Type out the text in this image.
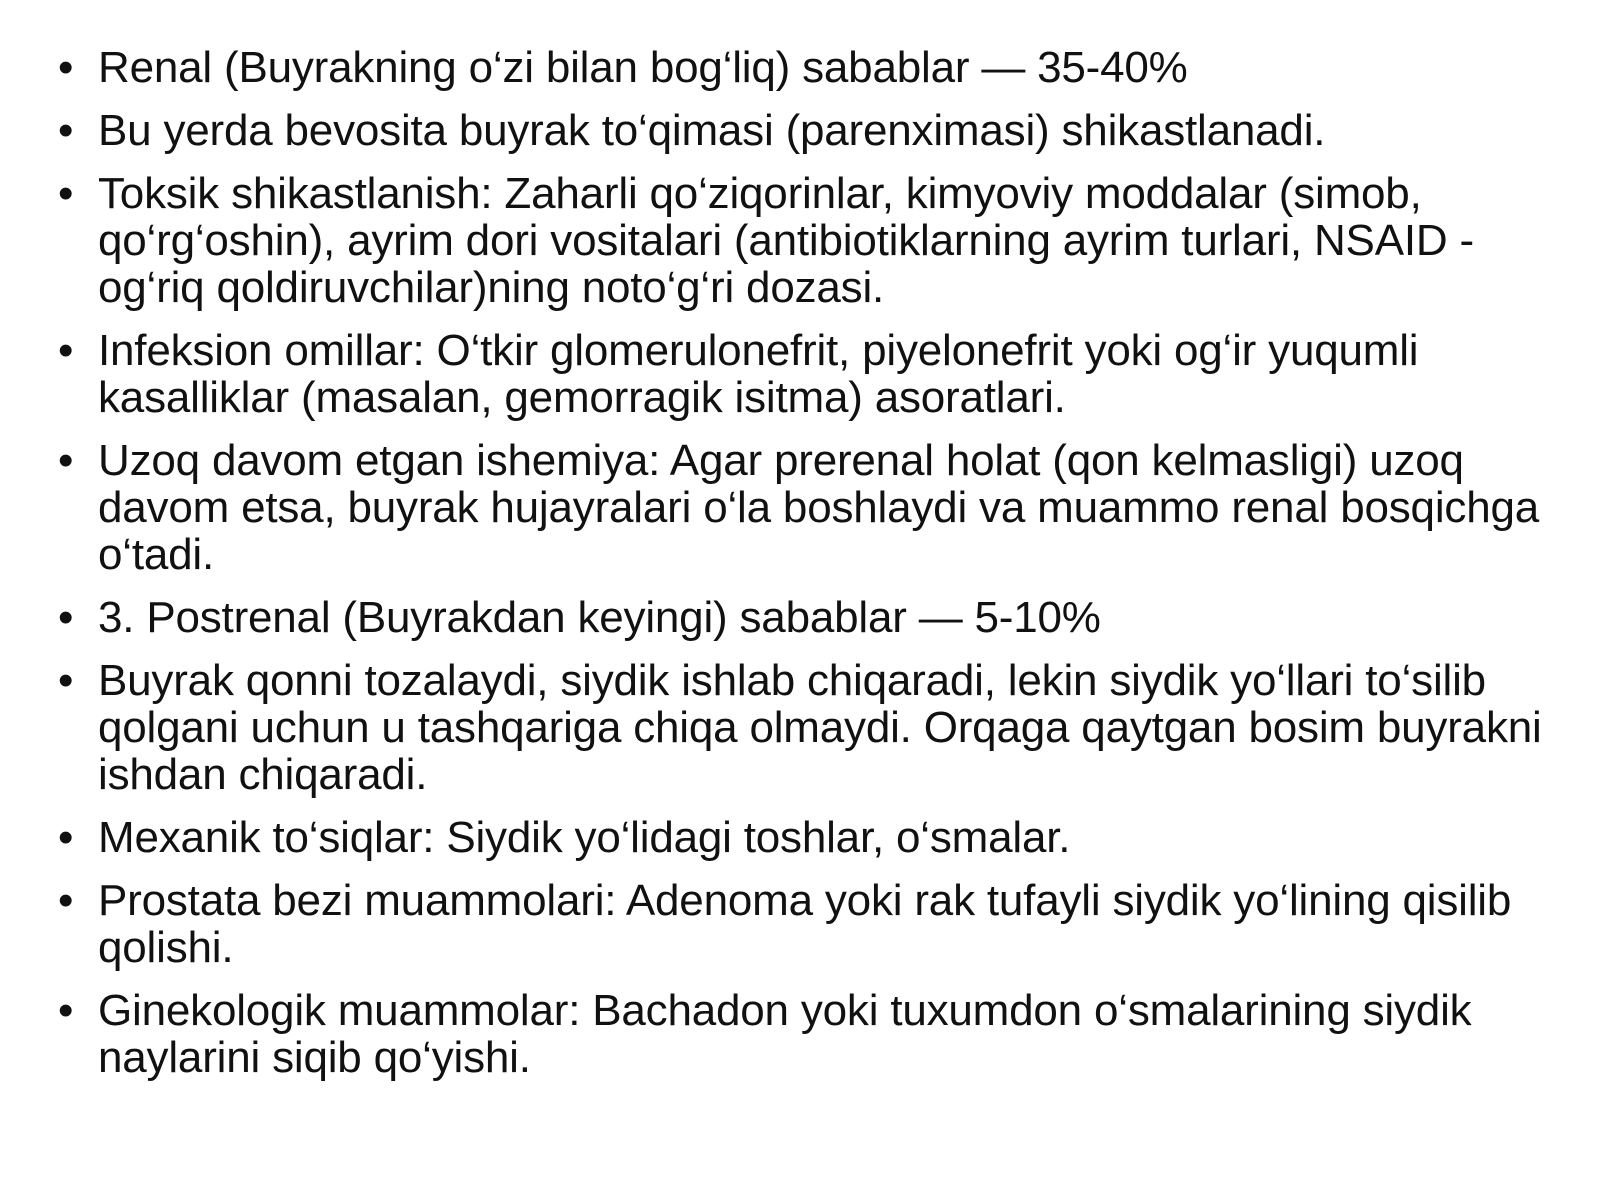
• Renal (Buyrakning o‘zi bilan bog‘liq) sabablar — 35-40%
• Bu yerda bevosita buyrak to‘qimasi (parenximasi) shikastlanadi.
• Toksik shikastlanish: Zaharli qo‘ziqorinlar, kimyoviy moddalar (simob, qo‘rg‘oshin), ayrim dori vositalari (antibiotiklarning ayrim turlari, NSAID - og‘riq qoldiruvchilar)ning noto‘g‘ri dozasi.
• Infeksion omillar: O‘tkir glomerulonefrit, piyelonefrit yoki og‘ir yuqumli kasalliklar (masalan, gemorragik isitma) asoratlari.
• Uzoq davom etgan ishemiya: Agar prerenal holat (qon kelmasligi) uzoq davom etsa, buyrak hujayralari o‘la boshlaydi va muammo renal bosqichga o‘tadi.
• 3. Postrenal (Buyrakdan keyingi) sabablar — 5-10%
• Buyrak qonni tozalaydi, siydik ishlab chiqaradi, lekin siydik yo‘llari to‘silib qolgani uchun u tashqariga chiqa olmaydi. Orqaga qaytgan bosim buyrakni ishdan chiqaradi.
• Mexanik to‘siqlar: Siydik yo‘lidagi toshlar, o‘smalar.
• Prostata bezi muammolari: Adenoma yoki rak tufayli siydik yo‘lining qisilib qolishi.
• Ginekologik muammolar: Bachadon yoki tuxumdon o‘smalarining siydik naylarini siqib qo‘yishi.
